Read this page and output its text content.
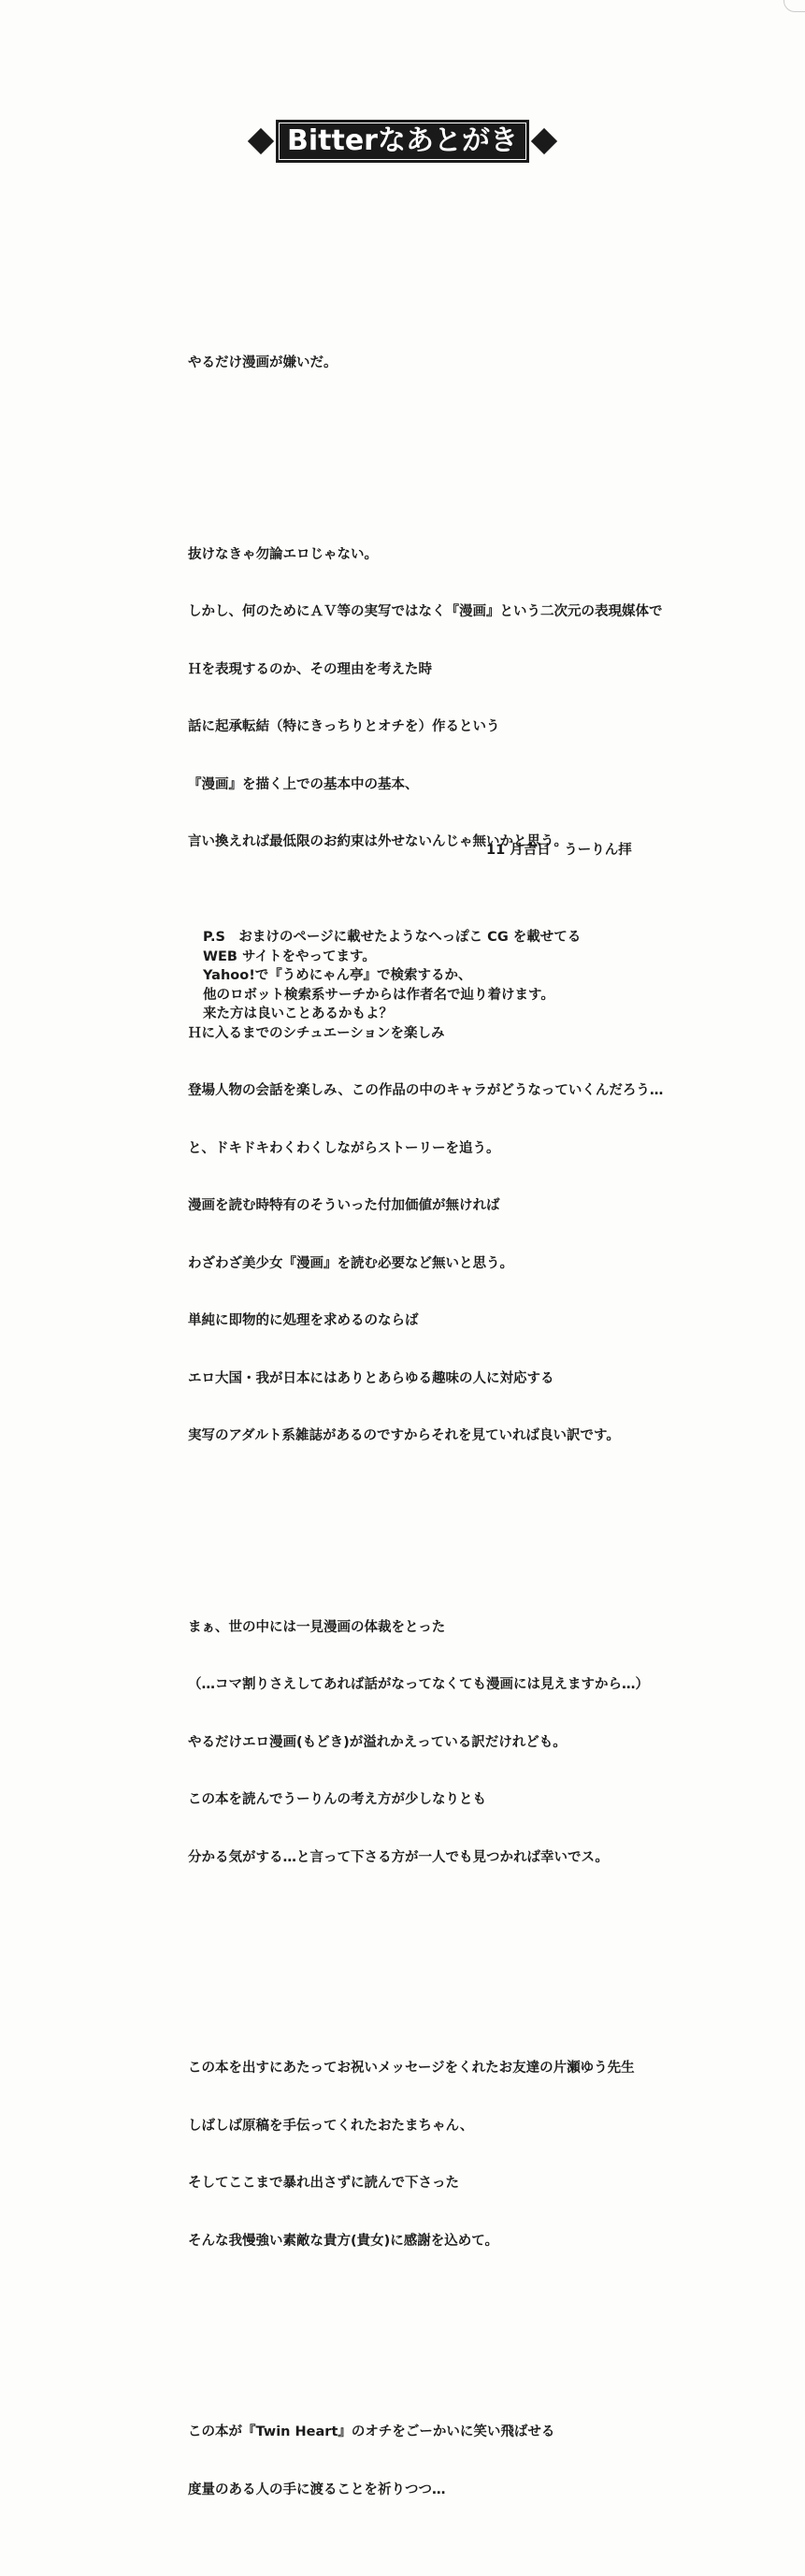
Bitterなあとがき

やるだけ漫画が嫌いだ。

抜けなきゃ勿論エロじゃない。

しかし、何のためにＡＶ等の実写ではなく『漫画』という二次元の表現媒体で

Ｈを表現するのか、その理由を考えた時

話に起承転結（特にきっちりとオチを）作るという

『漫画』を描く上での基本中の基本、

言い換えれば最低限のお約束は外せないんじゃ無いかと思う。

Ｈに入るまでのシチュエーションを楽しみ

登場人物の会話を楽しみ、この作品の中のキャラがどうなっていくんだろう…

と、ドキドキわくわくしながらストーリーを追う。

漫画を読む時特有のそういった付加価値が無ければ

わざわざ美少女『漫画』を読む必要など無いと思う。

単純に即物的に処理を求めるのならば

エロ大国・我が日本にはありとあらゆる趣味の人に対応する

実写のアダルト系雑誌があるのですからそれを見ていれば良い訳です。

まぁ、世の中には一見漫画の体裁をとった

（…コマ割りさえしてあれば話がなってなくても漫画には見えますから…）

やるだけエロ漫画(もどき)が溢れかえっている訳だけれども。

この本を読んでうーりんの考え方が少しなりとも

分かる気がする…と言って下さる方が一人でも見つかれば幸いでス。

この本を出すにあたってお祝いメッセージをくれたお友達の片瀬ゆう先生

しばしば原稿を手伝ってくれたおたまちゃん、

そしてここまで暴れ出さずに読んで下さった

そんな我慢強い素敵な貴方(貴女)に感謝を込めて。

この本が『Twin Heart』のオチをごーかいに笑い飛ばせる

度量のある人の手に渡ることを祈りつつ…

11 月吉日　うーりん拝
P.S　おまけのページに載せたようなへっぽこ CG を載せてる
WEB サイトをやってます。
Yahoo!で『うめにゃん亭』で検索するか、
他のロボット検索系サーチからは作者名で辿り着けます。
来た方は良いことあるかもよ？
